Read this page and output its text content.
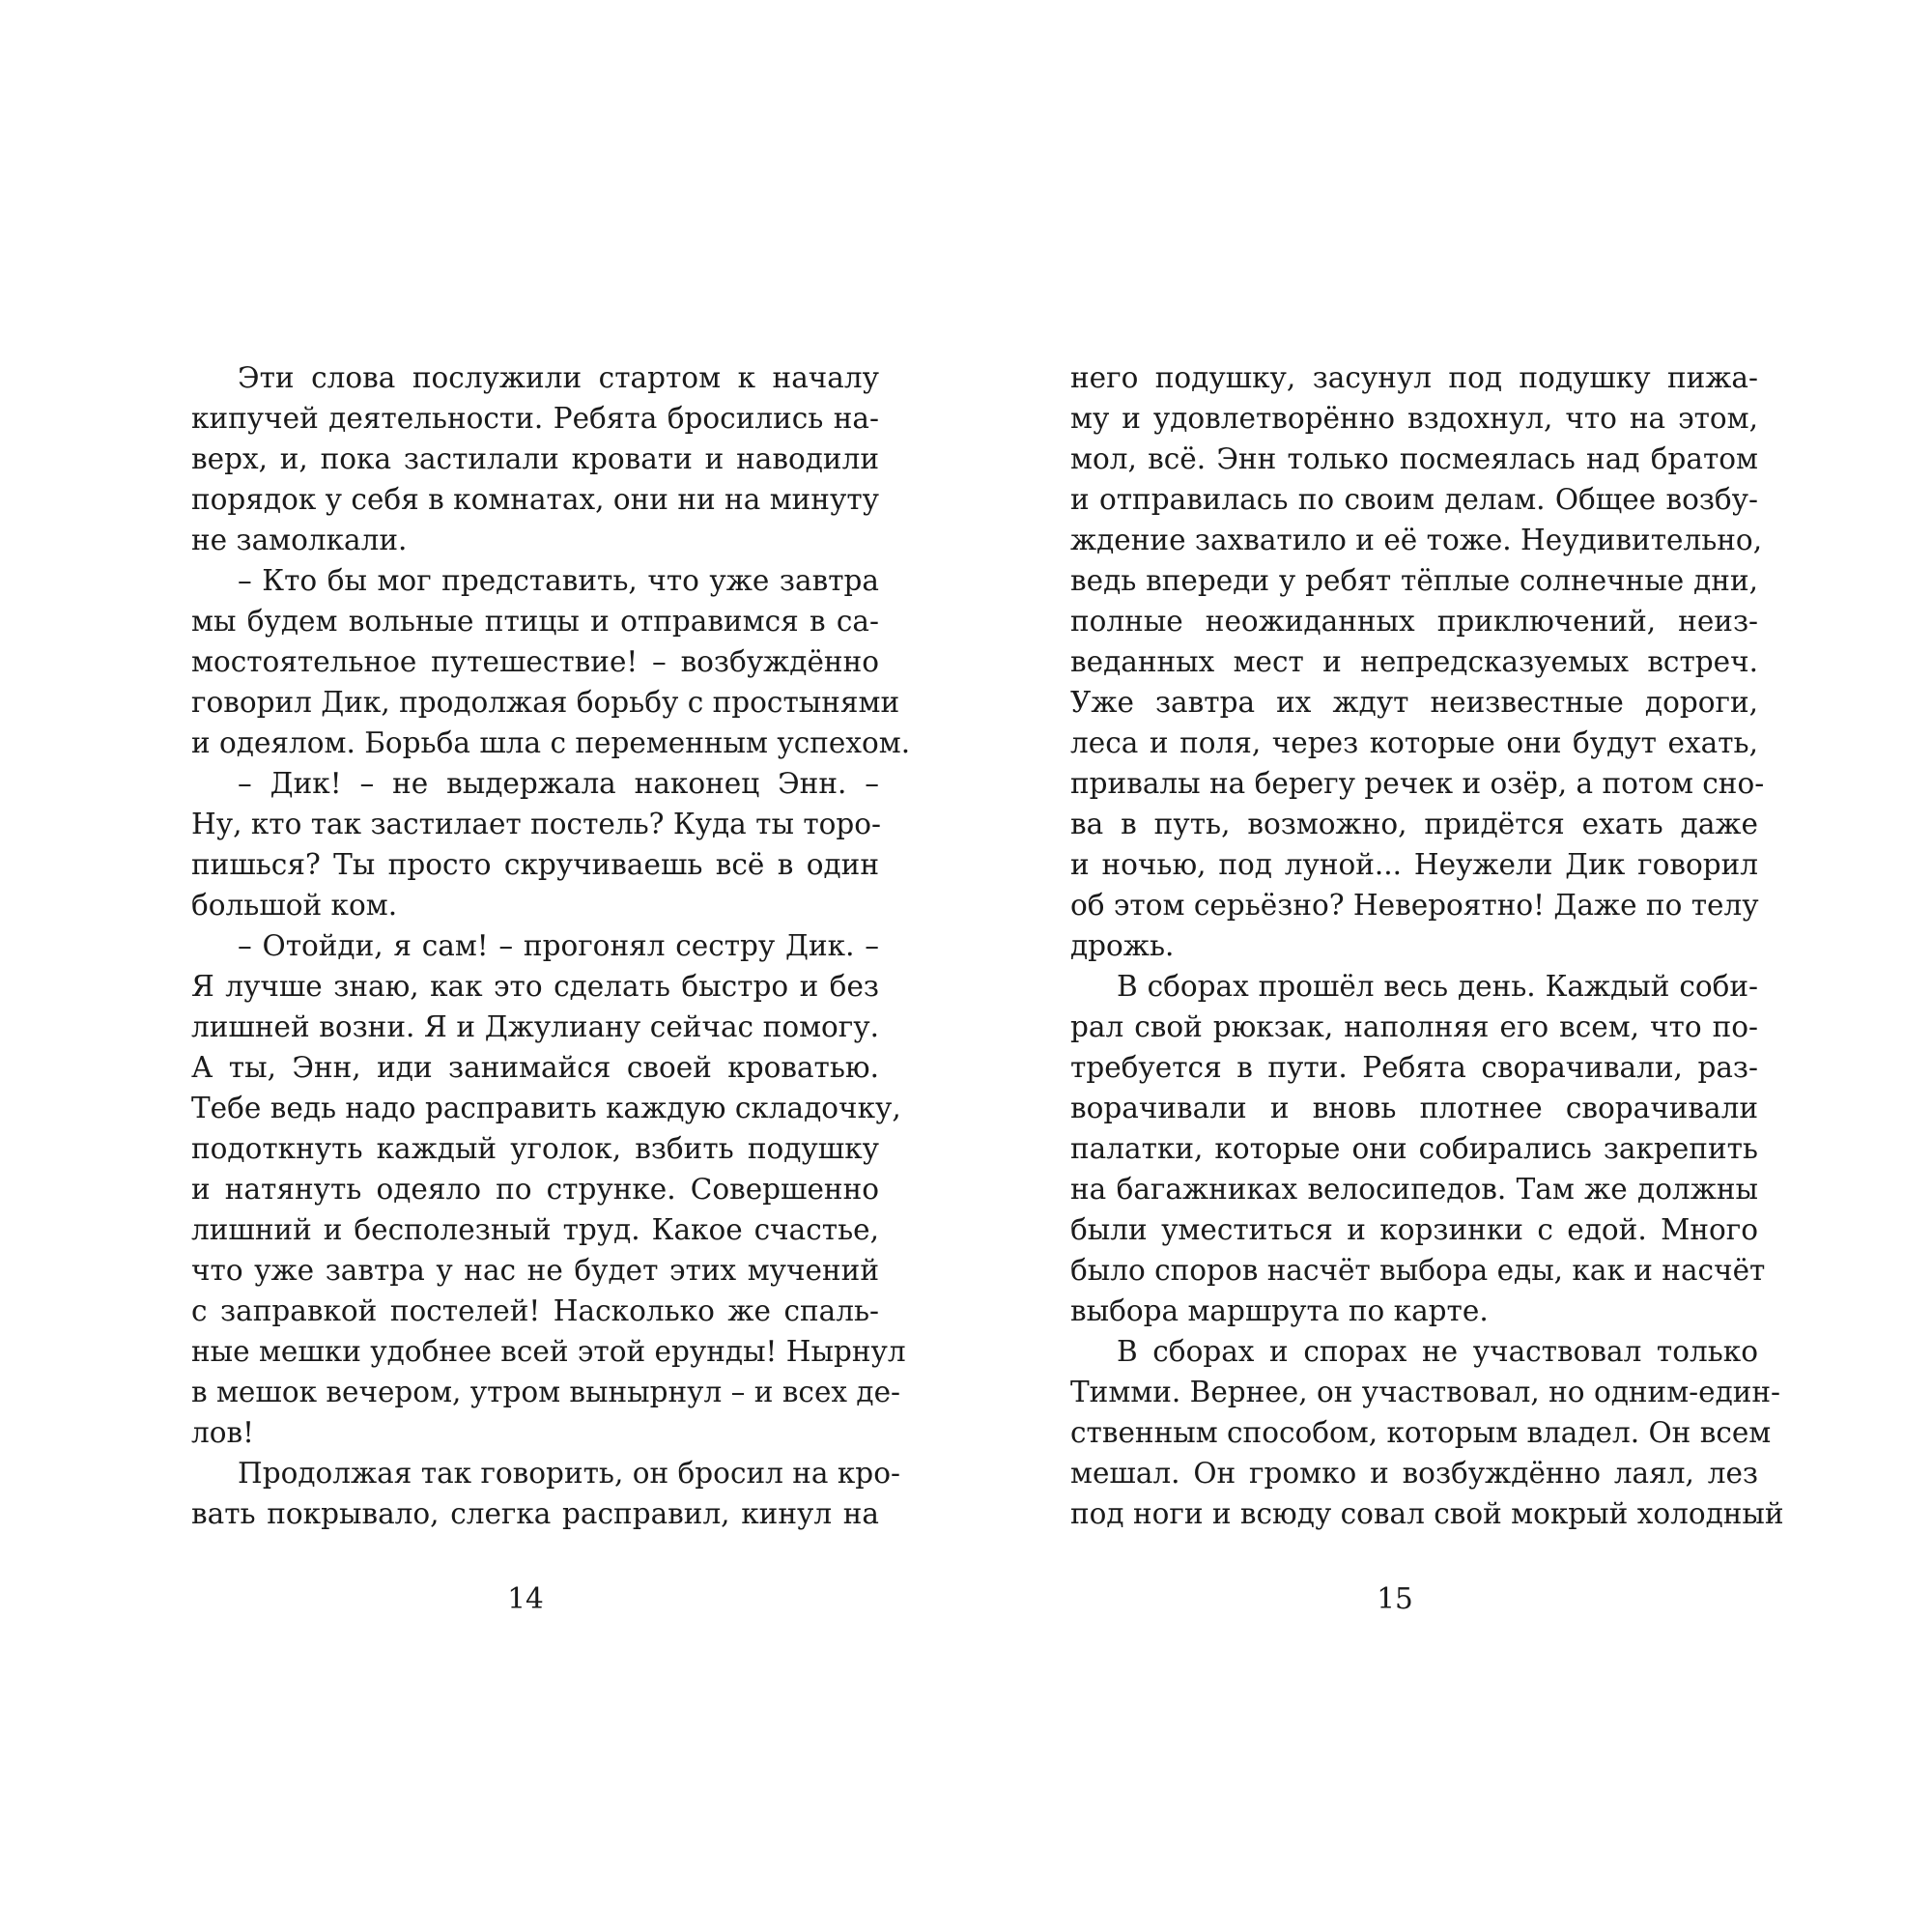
Эти слова послужили стартом к началу
кипучей деятельности. Ребята бросились на-
верх, и, пока застилали кровати и наводили
порядок у себя в комнатах, они ни на минуту
не замолкали.
– Кто бы мог представить, что уже завтра
мы будем вольные птицы и отправимся в са-
мостоятельное путешествие! – возбуждённо
говорил Дик, продолжая борьбу с простынями
и одеялом. Борьба шла с переменным успехом.
– Дик! – не выдержала наконец Энн. –
Ну, кто так застилает постель? Куда ты торо-
пишься? Ты просто скручиваешь всё в один
большой ком.
– Отойди, я сам! – прогонял сестру Дик. –
Я лучше знаю, как это сделать быстро и без
лишней возни. Я и Джулиану сейчас помогу.
А ты, Энн, иди занимайся своей кроватью.
Тебе ведь надо расправить каждую складочку,
подоткнуть каждый уголок, взбить подушку
и натянуть одеяло по струнке. Совершенно
лишний и бесполезный труд. Какое счастье,
что уже завтра у нас не будет этих мучений
с заправкой постелей! Насколько же спаль-
ные мешки удобнее всей этой ерунды! Нырнул
в мешок вечером, утром вынырнул – и всех де-
лов!
Продолжая так говорить, он бросил на кро-
вать покрывало, слегка расправил, кинул на
14
него подушку, засунул под подушку пижа-
му и удовлетворённо вздохнул, что на этом,
мол, всё. Энн только посмеялась над братом
и отправилась по своим делам. Общее возбу-
ждение захватило и её тоже. Неудивительно,
ведь впереди у ребят тёплые солнечные дни,
полные неожиданных приключений, неиз-
веданных мест и непредсказуемых встреч.
Уже завтра их ждут неизвестные дороги,
леса и поля, через которые они будут ехать,
привалы на берегу речек и озёр, а потом сно-
ва в путь, возможно, придётся ехать даже
и ночью, под луной... Неужели Дик говорил
об этом серьёзно? Невероятно! Даже по телу
дрожь.
В сборах прошёл весь день. Каждый соби-
рал свой рюкзак, наполняя его всем, что по-
требуется в пути. Ребята сворачивали, раз-
ворачивали и вновь плотнее сворачивали
палатки, которые они собирались закрепить
на багажниках велосипедов. Там же должны
были уместиться и корзинки с едой. Много
было споров насчёт выбора еды, как и насчёт
выбора маршрута по карте.
В сборах и спорах не участвовал только
Тимми. Вернее, он участвовал, но одним-един-
ственным способом, которым владел. Он всем
мешал. Он громко и возбуждённо лаял, лез
под ноги и всюду совал свой мокрый холодный
15
